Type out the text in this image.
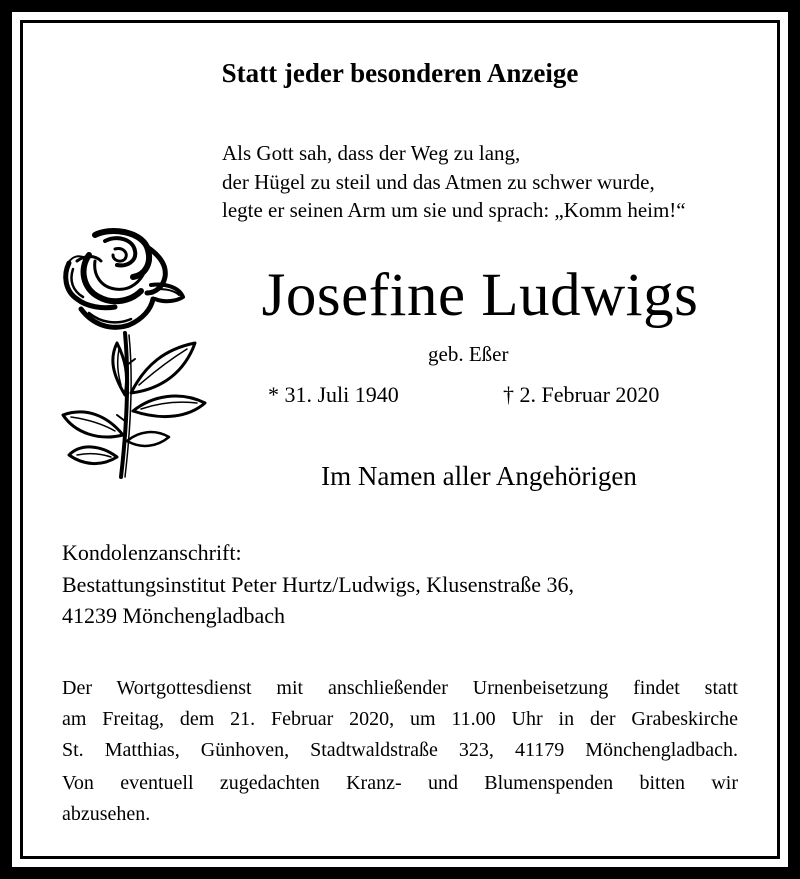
Statt jeder besonderen Anzeige
Als Gott sah, dass der Weg zu lang,
der Hügel zu steil und das Atmen zu schwer wurde,
legte er seinen Arm um sie und sprach: „Komm heim!“
Josefine Ludwigs
geb. Eßer
* 31. Juli 1940	† 2. Februar 2020
Im Namen aller Angehörigen
Kondolenzanschrift:
Bestattungsinstitut Peter Hurtz/Ludwigs, Klusenstraße 36,
41239 Mönchengladbach
Der Wortgottesdienst mit anschließender Urnenbeisetzung findet statt
am Freitag, dem 21. Februar 2020, um 11.00 Uhr in der Grabeskirche
St. Matthias, Günhoven, Stadtwaldstraße 323, 41179 Mönchengladbach.
Von eventuell zugedachten Kranz- und Blumenspenden bitten wir
abzusehen.
